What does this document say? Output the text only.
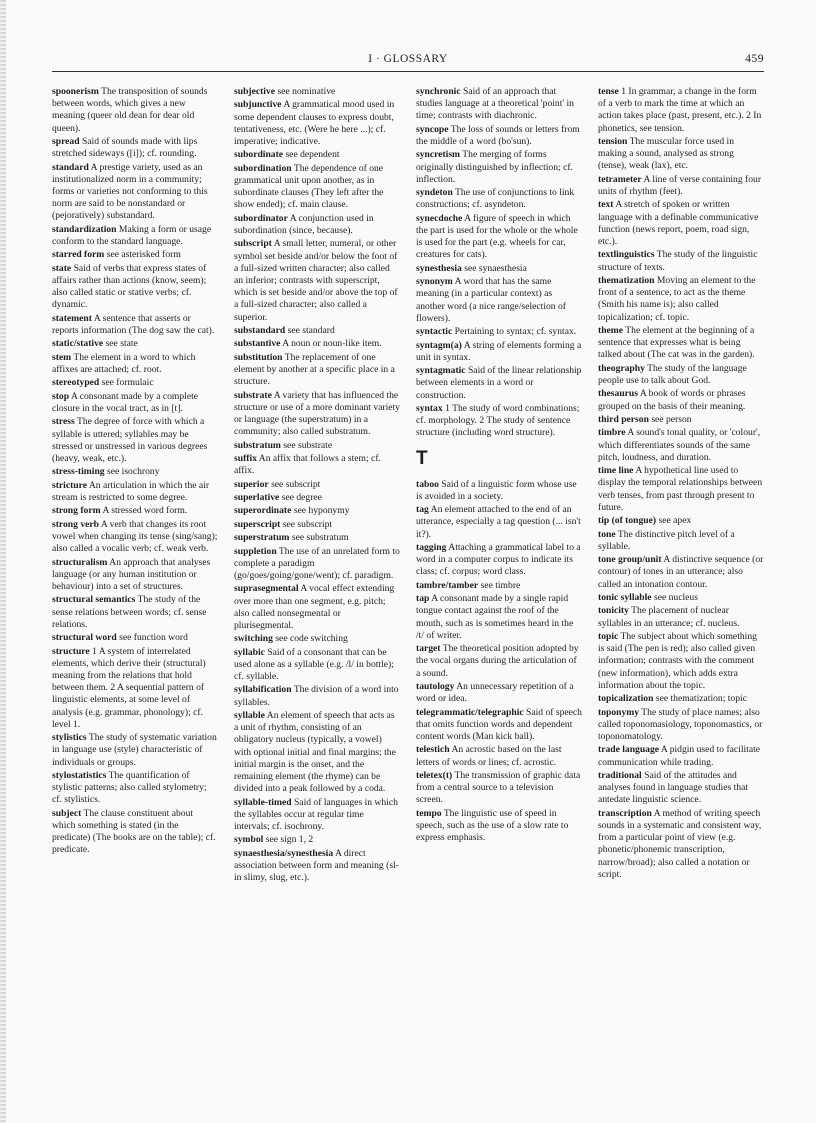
I · GLOSSARY	459
spoonerism The transposition of sounds between words, which gives a new meaning (queer old dean for dear old queen).
spread Said of sounds made with lips stretched sideways ([i]); cf. rounding.
standard A prestige variety, used as an institutionalized norm in a community; forms or varieties not conforming to this norm are said to be nonstandard or (pejoratively) substandard.
standardization Making a form or usage conform to the standard language.
starred form see asterisked form
state Said of verbs that express states of affairs rather than actions (know, seem); also called static or stative verbs; cf. dynamic.
statement A sentence that asserts or reports information (The dog saw the cat).
static/stative see state
stem The element in a word to which affixes are attached; cf. root.
stereotyped see formulaic
stop A consonant made by a complete closure in the vocal tract, as in [t].
stress The degree of force with which a syllable is uttered; syllables may be stressed or unstressed in various degrees (heavy, weak, etc.).
stress-timing see isochrony
stricture An articulation in which the air stream is restricted to some degree.
strong form A stressed word form.
strong verb A verb that changes its root vowel when changing its tense (sing/sang); also called a vocalic verb; cf. weak verb.
structuralism An approach that analyses language (or any human institution or behaviour) into a set of structures.
structural semantics The study of the sense relations between words; cf. sense relations.
structural word see function word
structure 1 A system of interrelated elements, which derive their (structural) meaning from the relations that hold between them. 2 A sequential pattern of linguistic elements, at some level of analysis (e.g. grammar, phonology); cf. level 1.
stylistics The study of systematic variation in language use (style) characteristic of individuals or groups.
stylostatistics The quantification of stylistic patterns; also called stylometry; cf. stylistics.
subject The clause constituent about which something is stated (in the predicate) (The books are on the table); cf. predicate.
subjective see nominative
subjunctive A grammatical mood used in some dependent clauses to express doubt, tentativeness, etc. (Were he here ...); cf. imperative; indicative.
subordinate see dependent
subordination The dependence of one grammatical unit upon another, as in subordinate clauses (They left after the show ended); cf. main clause.
subordinator A conjunction used in subordination (since, because).
subscript A small letter, numeral, or other symbol set beside and/or below the foot of a full-sized written character; also called an inferior; contrasts with superscript, which is set beside and/or above the top of a full-sized character; also called a superior.
substandard see standard
substantive A noun or noun-like item.
substitution The replacement of one element by another at a specific place in a structure.
substrate A variety that has influenced the structure or use of a more dominant variety or language (the superstratum) in a community; also called substratum.
substratum see substrate
suffix An affix that follows a stem; cf. affix.
superior see subscript
superlative see degree
superordinate see hyponymy
superscript see subscript
superstratum see substratum
suppletion The use of an unrelated form to complete a paradigm (go/goes/going/gone/went); cf. paradigm.
suprasegmental A vocal effect extending over more than one segment, e.g. pitch; also called nonsegmental or plurisegmental.
switching see code switching
syllabic Said of a consonant that can be used alone as a syllable (e.g. /l/ in bottle); cf. syllable.
syllabification The division of a word into syllables.
syllable An element of speech that acts as a unit of rhythm, consisting of an obligatory nucleus (typically, a vowel) with optional initial and final margins; the initial margin is the onset, and the remaining element (the rhyme) can be divided into a peak followed by a coda.
syllable-timed Said of languages in which the syllables occur at regular time intervals; cf. isochrony.
symbol see sign 1, 2
synaesthesia/synesthesia A direct association between form and meaning (sl- in slimy, slug, etc.).
synchronic Said of an approach that studies language at a theoretical 'point' in time; contrasts with diachronic.
syncope The loss of sounds or letters from the middle of a word (bo'sun).
syncretism The merging of forms originally distinguished by inflection; cf. inflection.
syndeton The use of conjunctions to link constructions; cf. asyndeton.
synecdoche A figure of speech in which the part is used for the whole or the whole is used for the part (e.g. wheels for car, creatures for cats).
synesthesia see synaesthesia
synonym A word that has the same meaning (in a particular context) as another word (a nice range/selection of flowers).
syntactic Pertaining to syntax; cf. syntax.
syntagm(a) A string of elements forming a unit in syntax.
syntagmatic Said of the linear relationship between elements in a word or construction.
syntax 1 The study of word combinations; cf. morphology. 2 The study of sentence structure (including word structure).
T
taboo Said of a linguistic form whose use is avoided in a society.
tag An element attached to the end of an utterance, especially a tag question (... isn't it?).
tagging Attaching a grammatical label to a word in a computer corpus to indicate its class; cf. corpus; word class.
tambre/tamber see timbre
tap A consonant made by a single rapid tongue contact against the roof of the mouth, such as is sometimes heard in the /t/ of writer.
target The theoretical position adopted by the vocal organs during the articulation of a sound.
tautology An unnecessary repetition of a word or idea.
telegrammatic/telegraphic Said of speech that omits function words and dependent content words (Man kick ball).
telestich An acrostic based on the last letters of words or lines; cf. acrostic.
teletex(t) The transmission of graphic data from a central source to a television screen.
tempo The linguistic use of speed in speech, such as the use of a slow rate to express emphasis.
tense 1 In grammar, a change in the form of a verb to mark the time at which an action takes place (past, present, etc.). 2 In phonetics, see tension.
tension The muscular force used in making a sound, analysed as strong (tense), weak (lax), etc.
tetrameter A line of verse containing four units of rhythm (feet).
text A stretch of spoken or written language with a definable communicative function (news report, poem, road sign, etc.).
textlinguistics The study of the linguistic structure of texts.
thematization Moving an element to the front of a sentence, to act as the theme (Smith his name is); also called topicalization; cf. topic.
theme The element at the beginning of a sentence that expresses what is being talked about (The cat was in the garden).
theography The study of the language people use to talk about God.
thesaurus A book of words or phrases grouped on the basis of their meaning.
third person see person
timbre A sound's tonal quality, or 'colour', which differentiates sounds of the same pitch, loudness, and duration.
time line A hypothetical line used to display the temporal relationships between verb tenses, from past through present to future.
tip (of tongue) see apex
tone The distinctive pitch level of a syllable.
tone group/unit A distinctive sequence (or contour) of tones in an utterance; also called an intonation contour.
tonic syllable see nucleus
tonicity The placement of nuclear syllables in an utterance; cf. nucleus.
topic The subject about which something is said (The pen is red); also called given information; contrasts with the comment (new information), which adds extra information about the topic.
topicalization see thematization; topic
toponymy The study of place names; also called toponomasiology, toponomastics, or toponomatology.
trade language A pidgin used to facilitate communication while trading.
traditional Said of the attitudes and analyses found in language studies that antedate linguistic science.
transcription A method of writing speech sounds in a systematic and consistent way, from a particular point of view (e.g. phonetic/phonemic transcription, narrow/broad); also called a notation or script.
